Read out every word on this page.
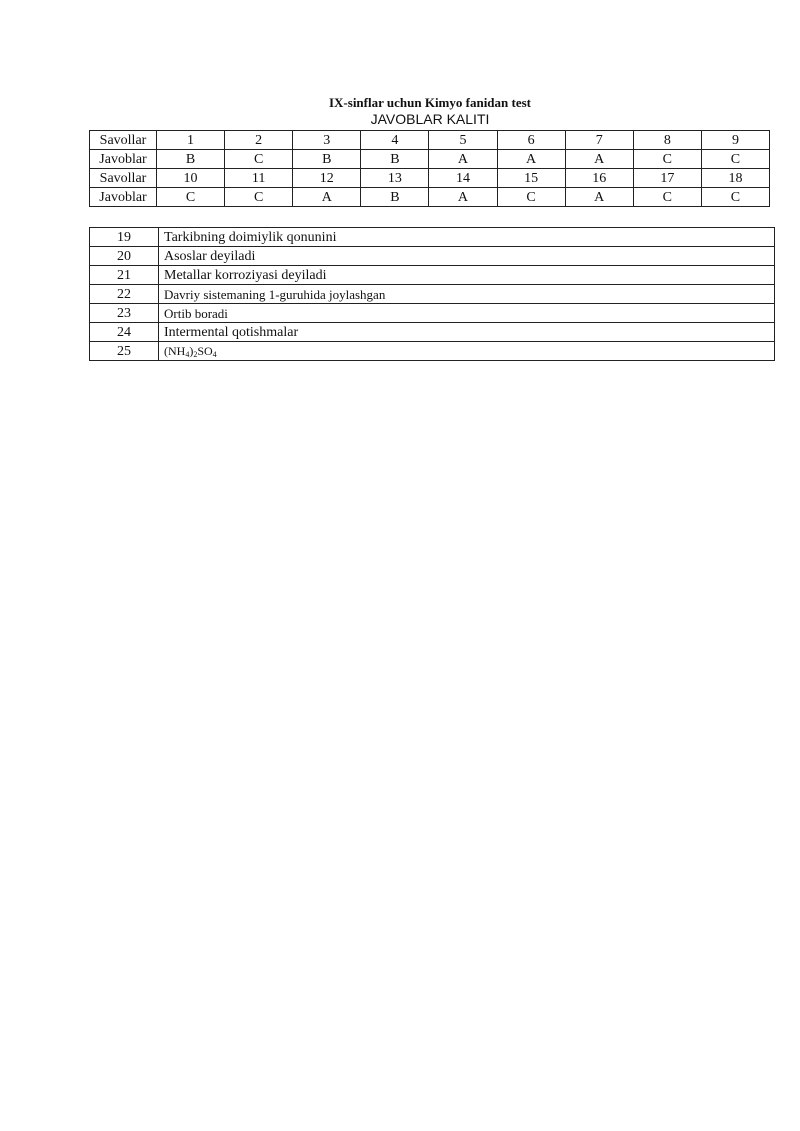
IX-sinflar uchun Kimyo fanidan test
JAVOBLAR KALITI
Savollar	1	2	3	4	5	6	7	8	9
Javoblar	B	C	B	B	A	A	A	C	C
Savollar	10	11	12	13	14	15	16	17	18
Javoblar	C	C	A	B	A	C	A	C	C
19	Tarkibning doimiylik qonunini
20	Asoslar deyiladi
21	Metallar korroziyasi deyiladi
22	Davriy sistemaning 1-guruhida joylashgan
23	Ortib boradi
24	Intermental qotishmalar
25	$(NH_4)_2SO_4$
